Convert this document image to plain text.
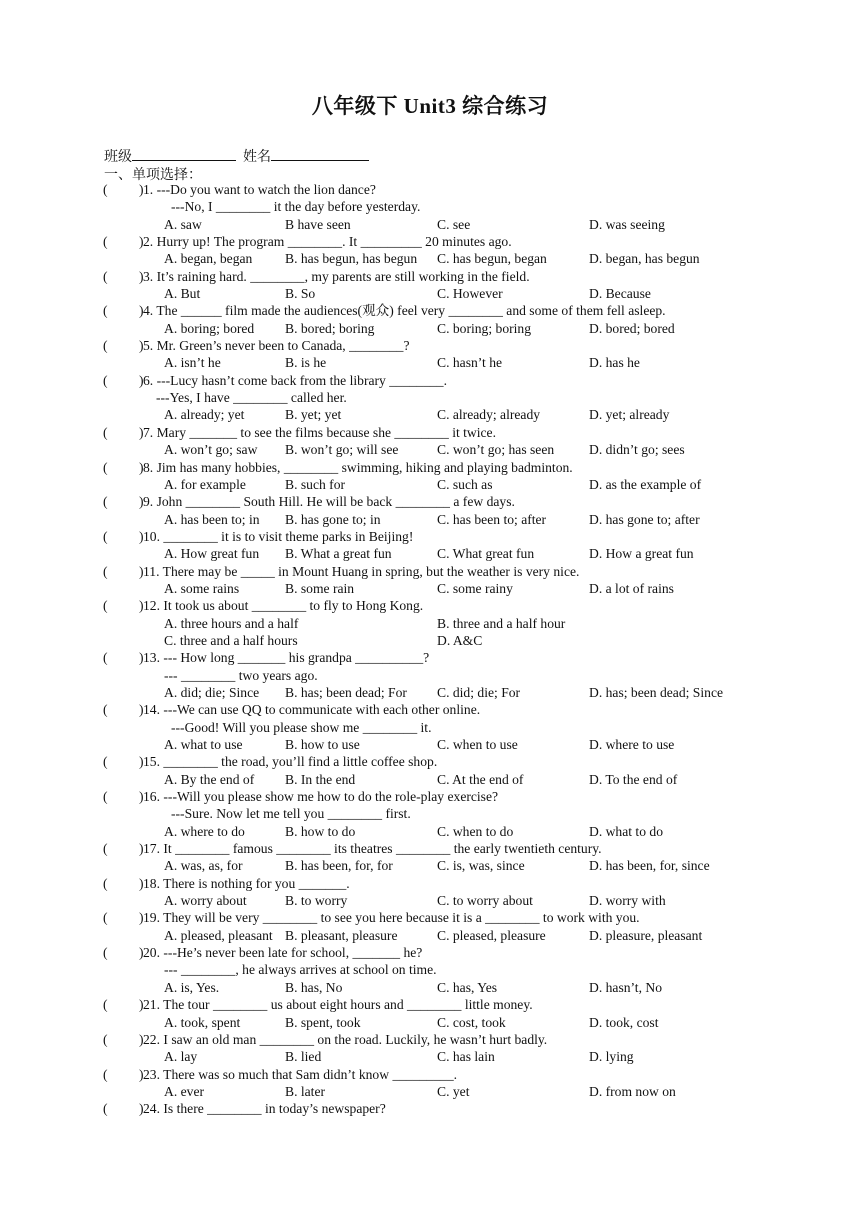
八年级下 Unit3 综合练习
班级	姓名
一、单项选择：
( ) 1. ---Do you want to watch the lion dance?
---No, I ________ it the day before yesterday.
A. saw	B have seen	C. see	D. was seeing
( ) 2. Hurry up! The program ________. It _________ 20 minutes ago.
A. began, began B. has begun, has begun C. has begun, began	D. began, has begun
( ) 3. It’s raining hard. ________, my parents are still working in the field.
A. But	B. So	C. However	D. Because
( ) 4. The ______ film made the audiences(观众) feel very ________ and some of them fell asleep.
A. boring; bored B. bored; boring	C. boring; boring	D. bored; bored
( ) 5. Mr. Green’s never been to Canada, ________?
A. isn’t he	B. is he	C. hasn’t he	D. has he
( ) 6. ---Lucy hasn’t come back from the library ________.
---Yes, I have ________ called her.
A. already; yet	B. yet; yet	C. already; already	D. yet; already
( ) 7. Mary _______ to see the films because she ________ it twice.
A. won’t go; saw B. won’t go; will see	C. won’t go; has seen	D. didn’t go; sees
( ) 8. Jim has many hobbies, ________ swimming, hiking and playing badminton.
A. for example	B. such for	C. such as	D. as the example of
( ) 9. John ________ South Hill. He will be back ________ a few days.
A. has been to; in B. has gone to; in	C. has been to; after	D. has gone to; after
( ) 10. ________ it is to visit theme parks in Beijing!
A. How great fun B. What a great fun	C. What great fun	D. How a great fun
( ) 11. There may be _____ in Mount Huang in spring, but the weather is very nice.
A. some rains	B. some rain	C. some rainy	D. a lot of rains
( ) 12. It took us about ________ to fly to Hong Kong.
A. three hours and a half	B. three and a half hour
C. three and a half hours	D. A&C
( ) 13. --- How long _______ his grandpa __________?
--- ________ two years ago.
A. did; die; Since B. has; been dead; For C. did; die; For	D. has; been dead; Since
( ) 14. ---We can use QQ to communicate with each other online.
---Good! Will you please show me ________ it.
A. what to use	B. how to use	C. when to use	D. where to use
( ) 15. ________ the road, you’ll find a little coffee shop.
A. By the end of B. In the end	C. At the end of	D. To the end of
( ) 16. ---Will you please show me how to do the role-play exercise?
---Sure. Now let me tell you ________ first.
A. where to do	B. how to do	C. when to do	D. what to do
( ) 17. It ________ famous ________ its theatres ________ the early twentieth century.
A. was, as, for	B. has been, for, for	C. is, was, since	D. has been, for, since
( ) 18. There is nothing for you _______.
A. worry about	B. to worry	C. to worry about	D. worry with
( ) 19. They will be very ________ to see you here because it is a ________ to work with you.
A. pleased, pleasant B. pleasant, pleasure	C. pleased, pleasure	D. pleasure, pleasant
( ) 20. ---He’s never been late for school, _______ he?
--- ________, he always arrives at school on time.
A. is, Yes.	B. has, No	C. has, Yes	D. hasn’t, No
( ) 21. The tour ________ us about eight hours and ________ little money.
A. took, spent	B. spent, took	C. cost, took	D. took, cost
( ) 22. I saw an old man ________ on the road. Luckily, he wasn’t hurt badly.
A. lay	B. lied	C. has lain	D. lying
( ) 23. There was so much that Sam didn’t know _________.
A. ever	B. later	C. yet	D. from now on
( ) 24. Is there ________ in today’s newspaper?
